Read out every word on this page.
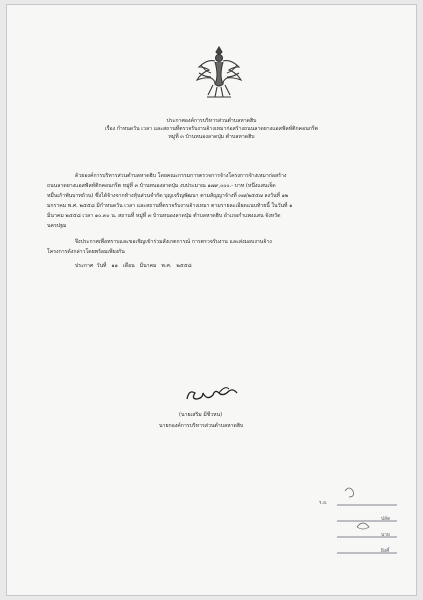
ประกาศองค์การบริหารส่วนตำบลหาดฮิบ
เรื่อง กำหนดวัน เวลา และสถานที่ตรวจรับงานจ้างเหมาก่อสร้างถนนลาดยางแอสฟัลท์ติกคอนกรีต
หมู่ที่ ๓ บ้านหนองลาดปุ่ม ตำบลหาดฮิบ
ด้วยองค์การบริหารส่วนตำบลหาดฮิบ โดยคณะกรรมการตรวจการจ้างโครงการจ้างเหมาก่อสร้าง
ถนนลาดยางแอสฟัลท์ติกคอนกรีต หมู่ที่ ๓ บ้านหนองลาดปุ่ม งบประมาณ ๑๗๙,๐๐๐.- บาท (หนึ่งแสนเจ็ด
หมื่นเก้าพันบาทถ้วน) ซึ่งได้จ้างจากห้างหุ้นส่วนจำกัด บุญเจริญพัฒนา ตามสัญญาจ้างที่ ๓๗/๒๕๕๗ ลงวันที่ ๑๒
มกราคม พ.ศ. ๒๕๕๘ มีกำหนดวัน เวลา และสถานที่ตรวจรับงานจ้างเหมา ตามรายละเอียดแนบท้ายนี้ ในวันที่ ๑
มีนาคม ๒๕๕๘ เวลา ๑๐.๓๐ น. สถานที่ หมู่ที่ ๓ บ้านหนองลาดปุ่ม ตำบลหาดฮิบ อำเภอกำแพงแสน จังหวัด
นครปฐม
จึงประกาศเพื่อทราบและขอเชิญเข้าร่วมสังเกตการณ์ การตรวจรับงาน และส่งมอบงานจ้าง
โครงการดังกล่าวโดยพร้อมเพียงกัน
ประกาศ วันที่ ๑๑ เดือน มีนาคม พ.ศ. ๒๕๕๘
(นายเสริม มีชีวหน)
นายกองค์การบริหารส่วนตำบลหาดฮิบ
ร.อ.
ปลัด
นาย
ผิงคิ์
